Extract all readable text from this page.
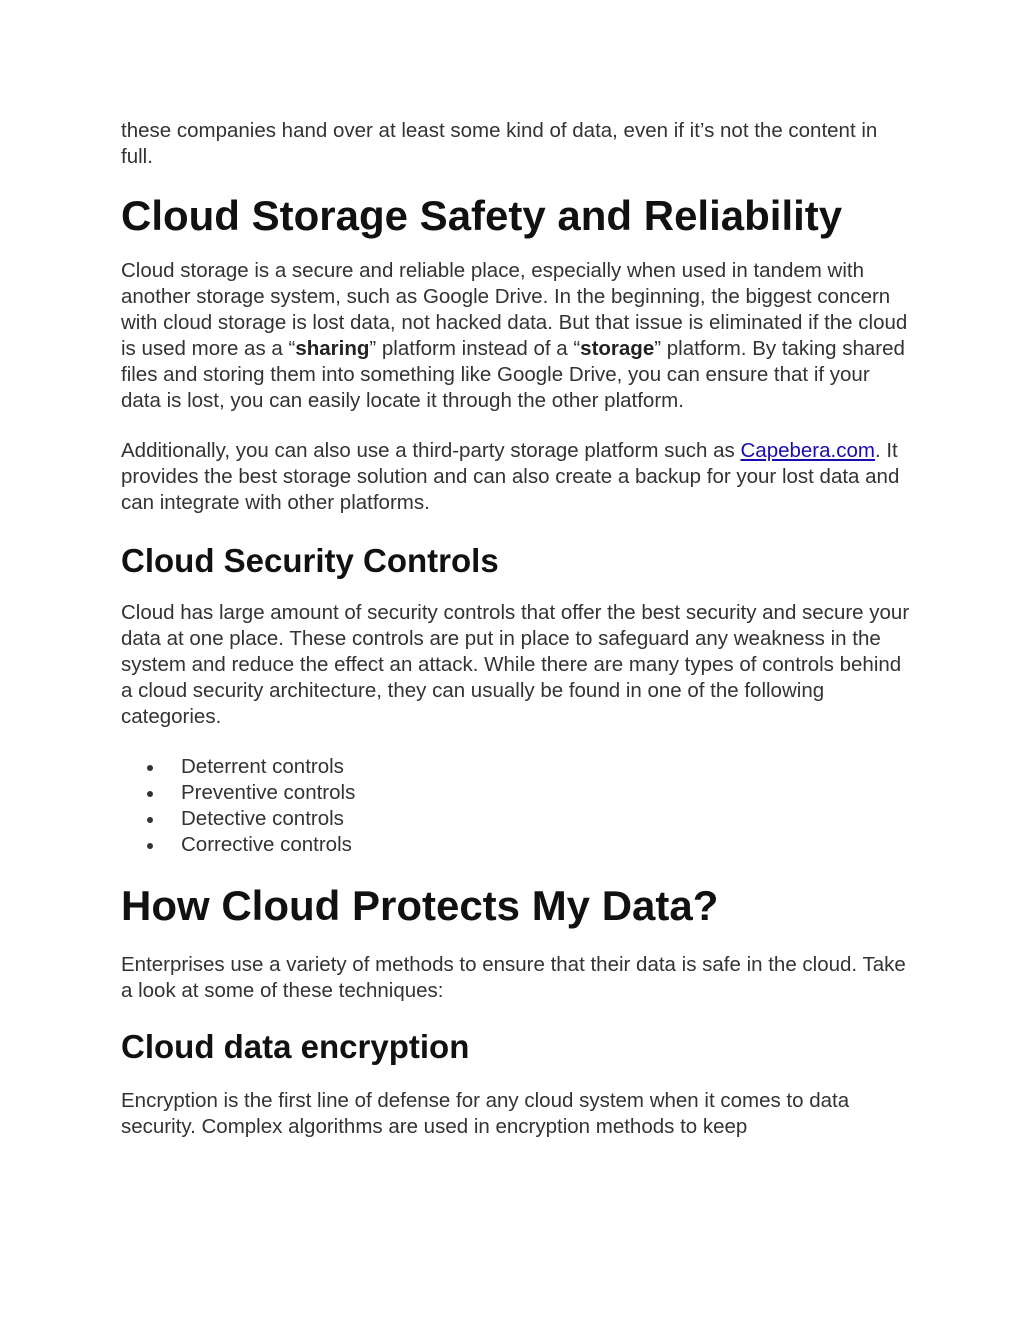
these companies hand over at least some kind of data, even if it’s not the content in full.

Cloud Storage Safety and Reliability

Cloud storage is a secure and reliable place, especially when used in tandem with another storage system, such as Google Drive. In the beginning, the biggest concern with cloud storage is lost data, not hacked data. But that issue is eliminated if the cloud is used more as a “sharing” platform instead of a “storage” platform. By taking shared files and storing them into something like Google Drive, you can ensure that if your data is lost, you can easily locate it through the other platform.

Additionally, you can also use a third-party storage platform such as Capebera.com. It provides the best storage solution and can also create a backup for your lost data and can integrate with other platforms.

Cloud Security Controls

Cloud has large amount of security controls that offer the best security and secure your data at one place. These controls are put in place to safeguard any weakness in the system and reduce the effect an attack. While there are many types of controls behind a cloud security architecture, they can usually be found in one of the following categories.

Deterrent controls
Preventive controls
Detective controls
Corrective controls
How Cloud Protects My Data?

Enterprises use a variety of methods to ensure that their data is safe in the cloud. Take a look at some of these techniques:

Cloud data encryption

Encryption is the first line of defense for any cloud system when it comes to data security. Complex algorithms are used in encryption methods to keep
